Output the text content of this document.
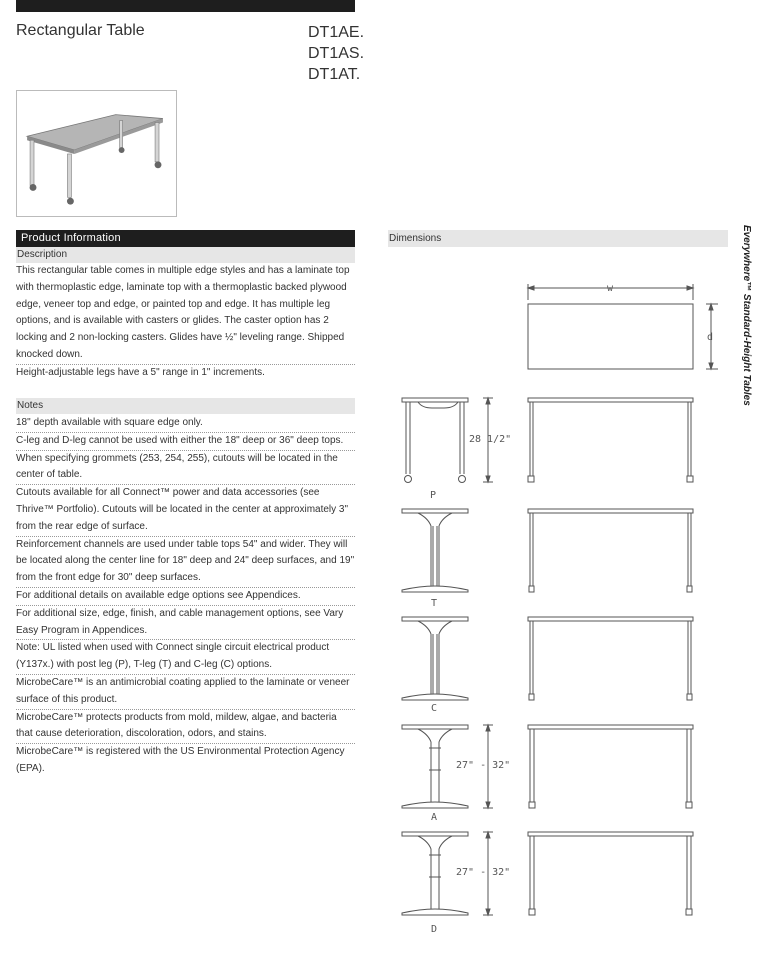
Rectangular Table	DT1AE.
DT1AS.
DT1AT.
Product Information
Description
This rectangular table comes in multiple edge styles and has a laminate top with thermoplastic edge, laminate top with a thermoplastic backed plywood edge, veneer top and edge, or painted top and edge. It has multiple leg options, and is available with casters or glides. The caster option has 2 locking and 2 non-locking casters. Glides have ½" leveling range. Shipped knocked down.
Height-adjustable legs have a 5" range in 1" increments.
Notes
18" depth available with square edge only.
C-leg and D-leg cannot be used with either the 18" deep or 36" deep tops.
When specifying grommets (253, 254, 255), cutouts will be located in the center of table.
Cutouts available for all Connect™ power and data accessories (see Thrive™ Portfolio). Cutouts will be located in the center at approximately 3" from the rear edge of surface.
Reinforcement channels are used under table tops 54" and wider. They will be located along the center line for 18" deep and 24" deep surfaces, and 19" from the front edge for 30" deep surfaces.
For additional details on available edge options see Appendices.
For additional size, edge, finish, and cable management options, see Vary Easy Program in Appendices.
Note: UL listed when used with Connect single circuit electrical product (Y137x.) with post leg (P), T-leg (T) and C-leg (C) options.
MicrobeCare™ is an antimicrobial coating applied to the laminate or veneer surface of this product.
MicrobeCare™ protects products from mold, mildew, algae, and bacteria that cause deterioration, discoloration, odors, and stains.
MicrobeCare™ is registered with the US Environmental Protection Agency (EPA).
Dimensions	Everywhere™ Standard-Height Tables
w
d
28 1/2"
P
T
C
27" - 32"
A
27" - 32"
D
